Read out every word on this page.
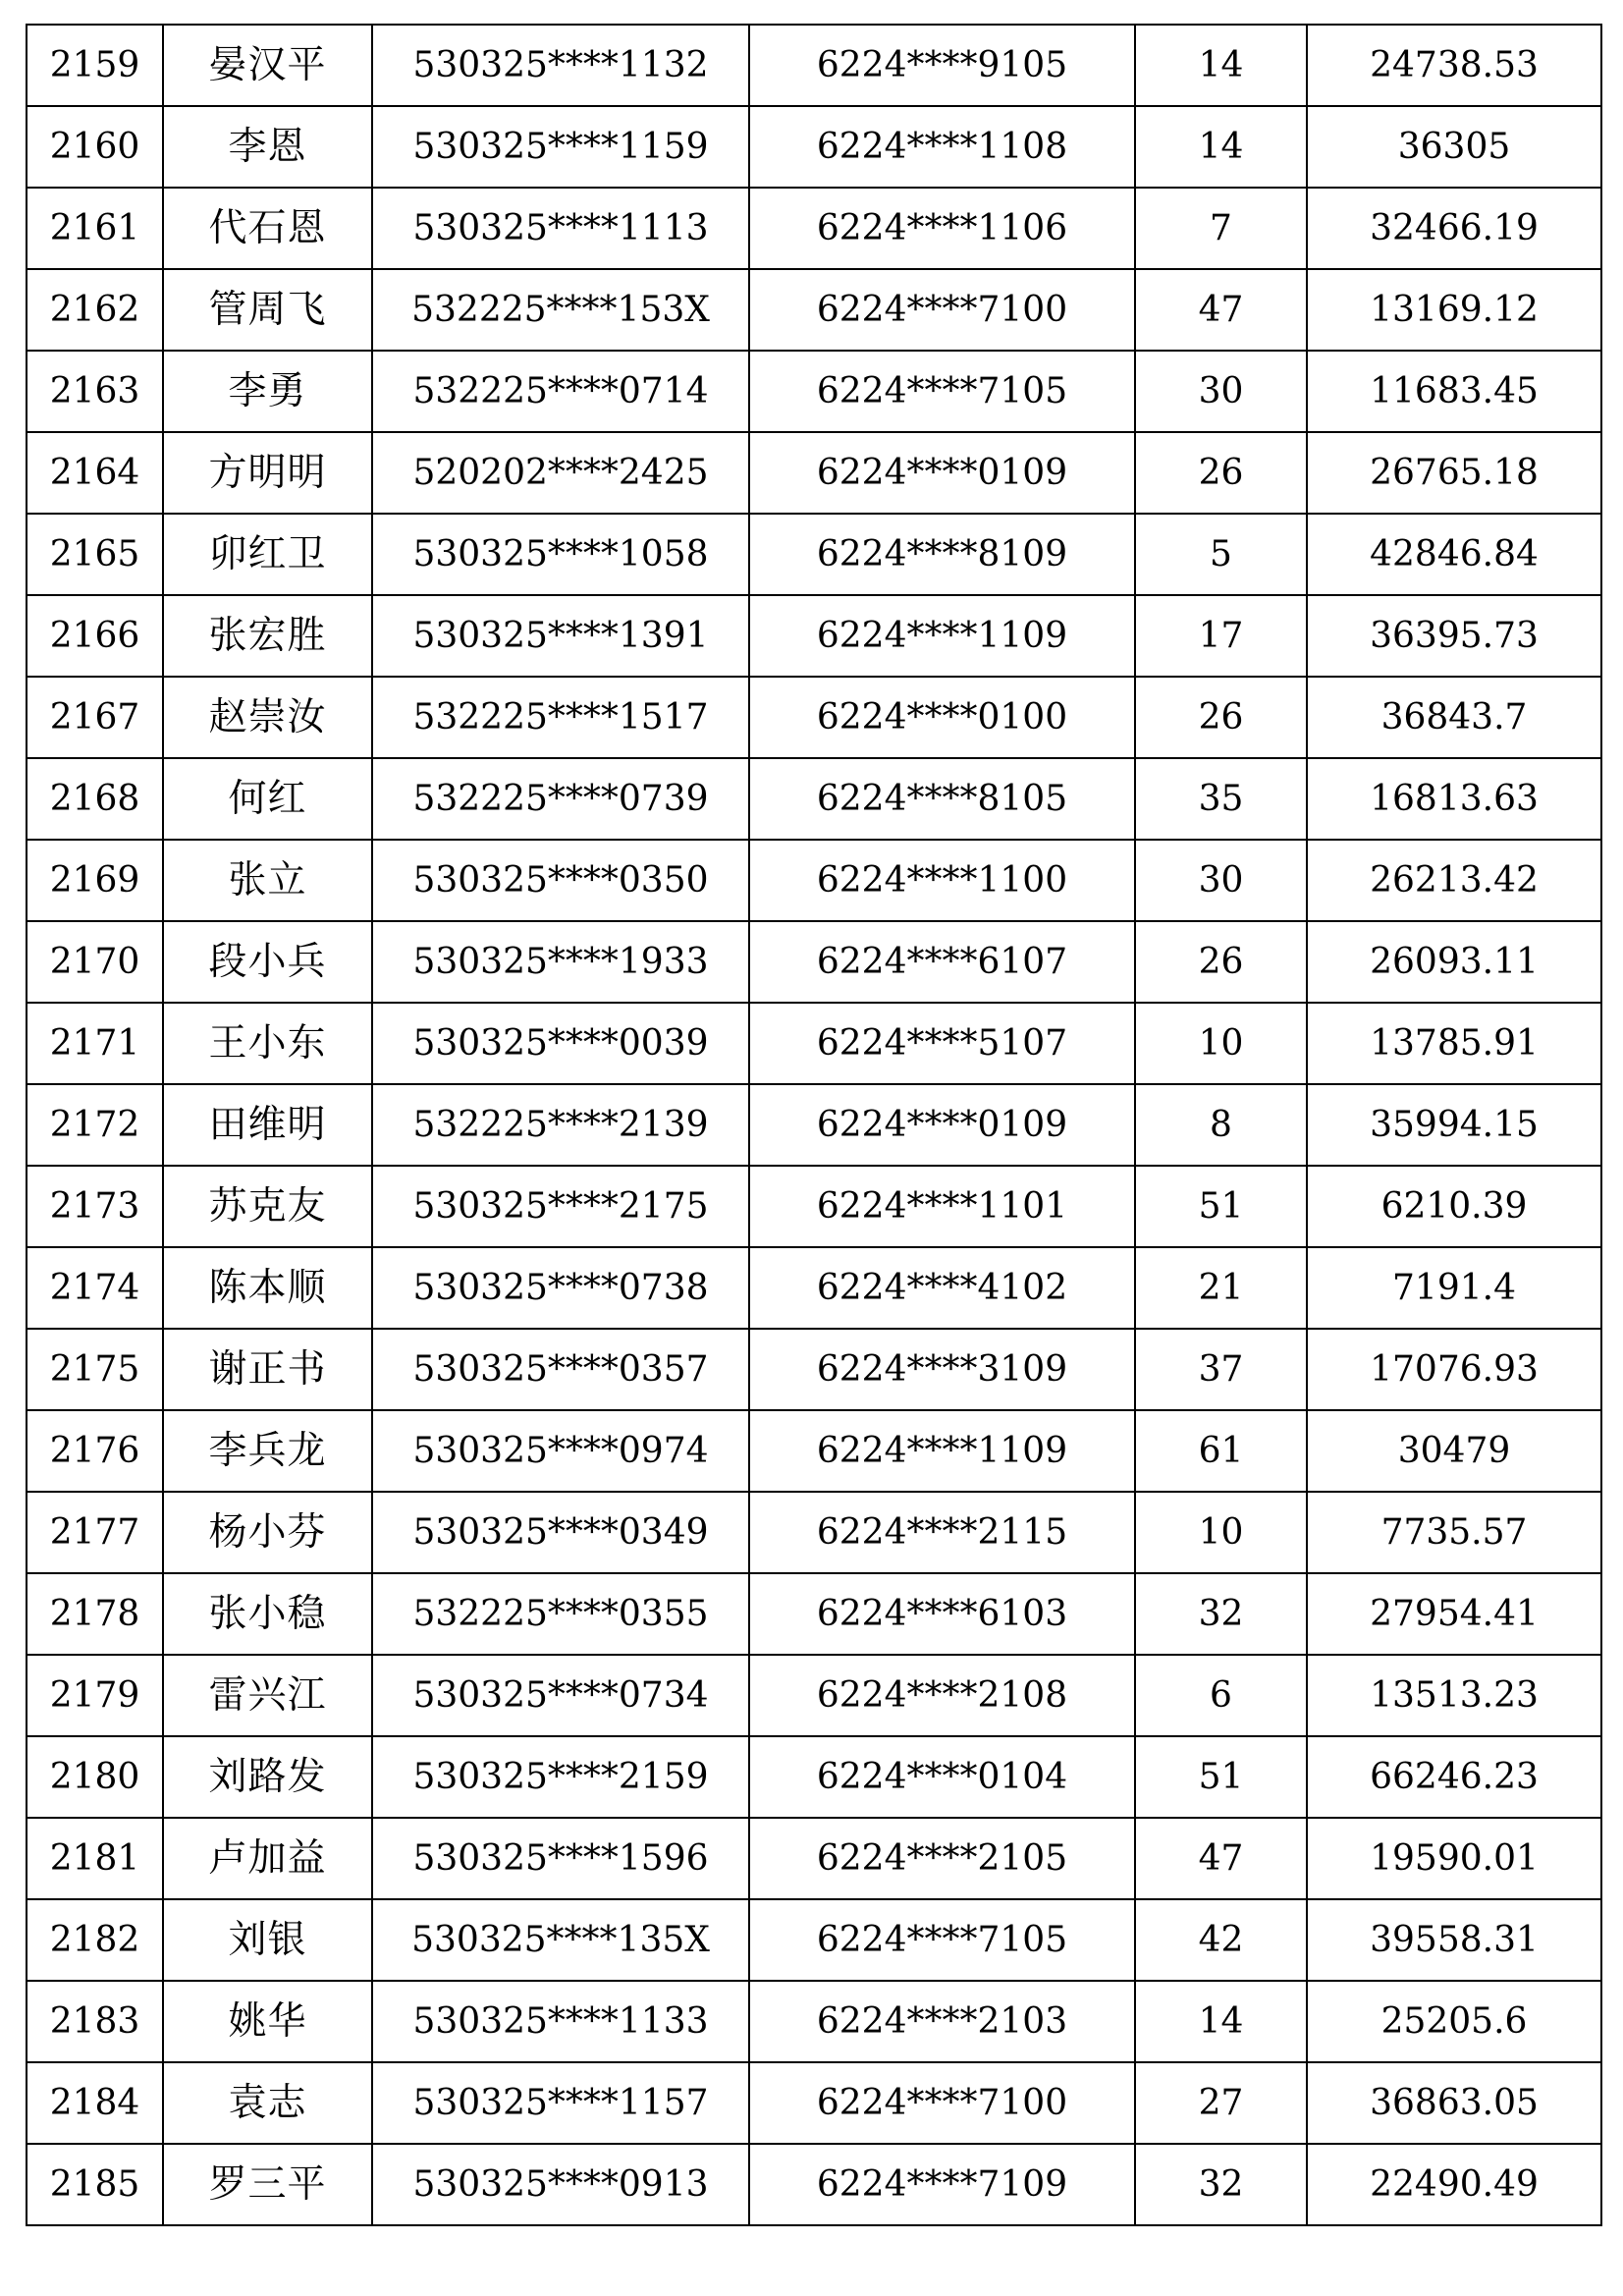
2159	晏汉平	530325****1132	6224****9105	14	24738.53
2160	李恩	530325****1159	6224****1108	14	36305
2161	代石恩	530325****1113	6224****1106	7	32466.19
2162	管周飞	532225****153X	6224****7100	47	13169.12
2163	李勇	532225****0714	6224****7105	30	11683.45
2164	方明明	520202****2425	6224****0109	26	26765.18
2165	卯红卫	530325****1058	6224****8109	5	42846.84
2166	张宏胜	530325****1391	6224****1109	17	36395.73
2167	赵崇汝	532225****1517	6224****0100	26	36843.7
2168	何红	532225****0739	6224****8105	35	16813.63
2169	张立	530325****0350	6224****1100	30	26213.42
2170	段小兵	530325****1933	6224****6107	26	26093.11
2171	王小东	530325****0039	6224****5107	10	13785.91
2172	田维明	532225****2139	6224****0109	8	35994.15
2173	苏克友	530325****2175	6224****1101	51	6210.39
2174	陈本顺	530325****0738	6224****4102	21	7191.4
2175	谢正书	530325****0357	6224****3109	37	17076.93
2176	李兵龙	530325****0974	6224****1109	61	30479
2177	杨小芬	530325****0349	6224****2115	10	7735.57
2178	张小稳	532225****0355	6224****6103	32	27954.41
2179	雷兴江	530325****0734	6224****2108	6	13513.23
2180	刘路发	530325****2159	6224****0104	51	66246.23
2181	卢加益	530325****1596	6224****2105	47	19590.01
2182	刘银	530325****135X	6224****7105	42	39558.31
2183	姚华	530325****1133	6224****2103	14	25205.6
2184	袁志	530325****1157	6224****7100	27	36863.05
2185	罗三平	530325****0913	6224****7109	32	22490.49
